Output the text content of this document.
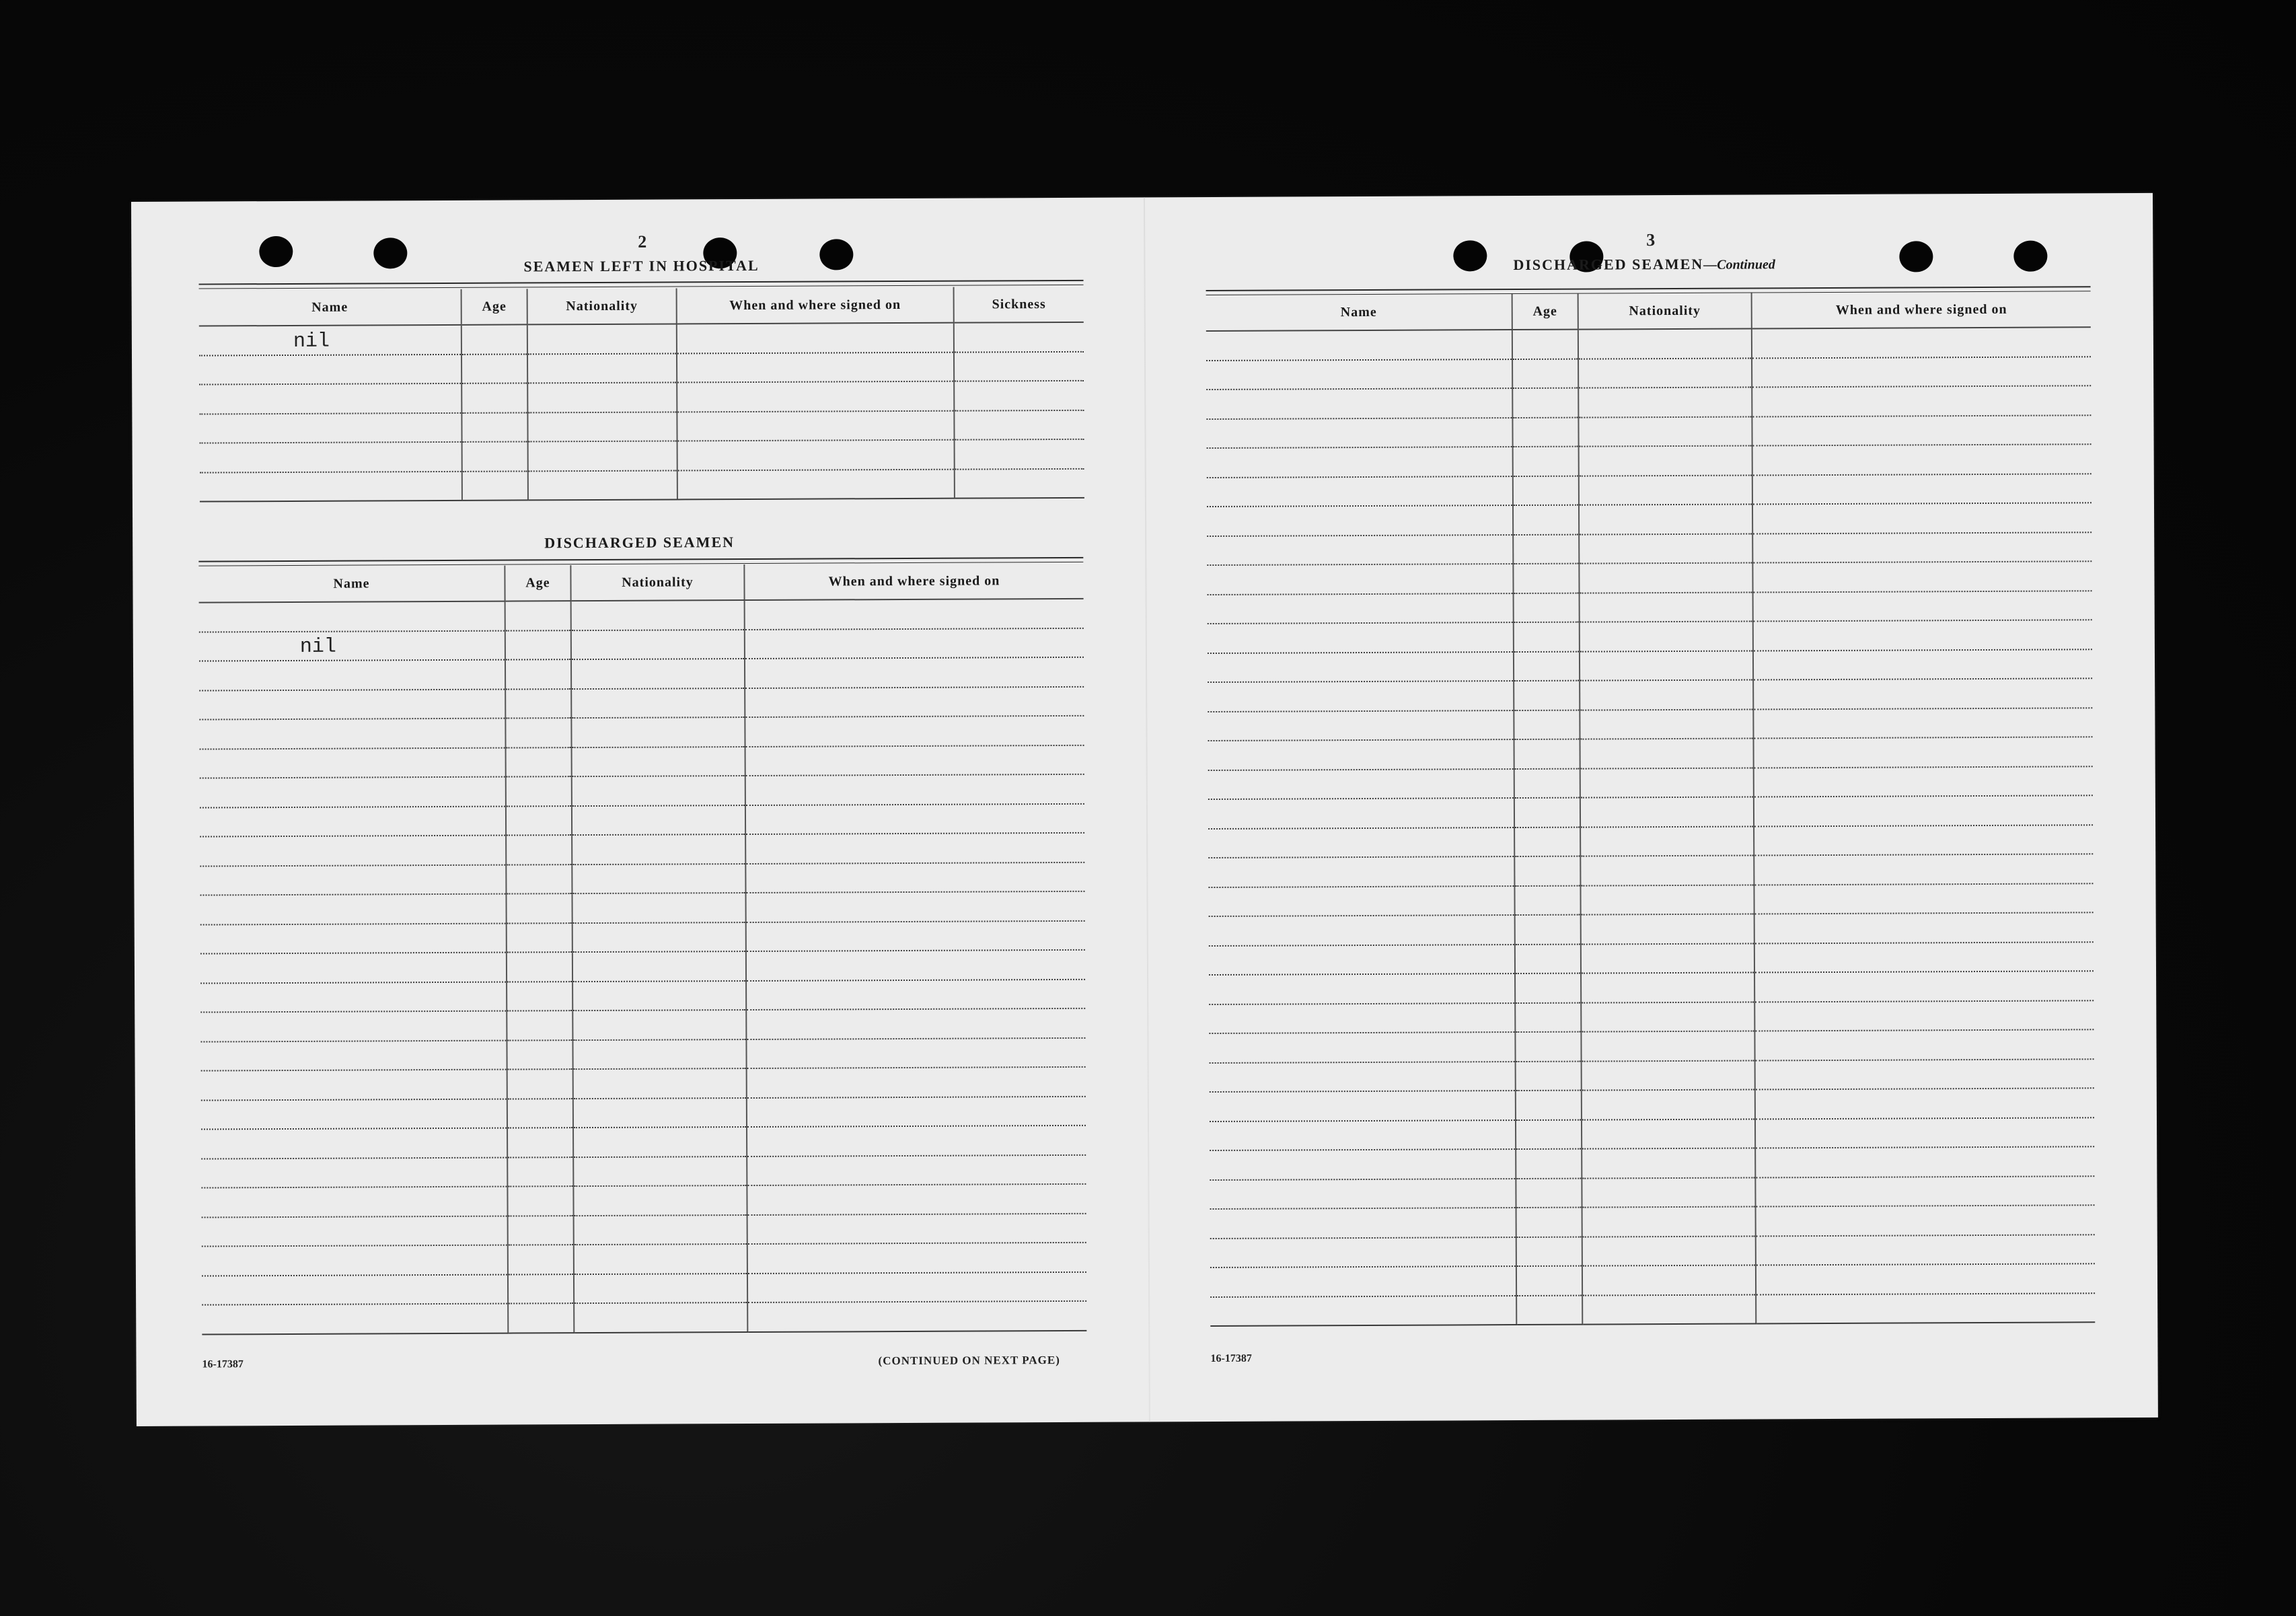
2
SEAMEN LEFT IN HOSPITAL
Name	Age	Nationality	When and where signed on	Sickness
nil				

DISCHARGED SEAMEN
Name	Age	Nationality	When and where signed on

nil			

16-17387	(CONTINUED ON NEXT PAGE)
3
DISCHARGED SEAMEN—Continued
Name	Age	Nationality	When and where signed on

16-17387
